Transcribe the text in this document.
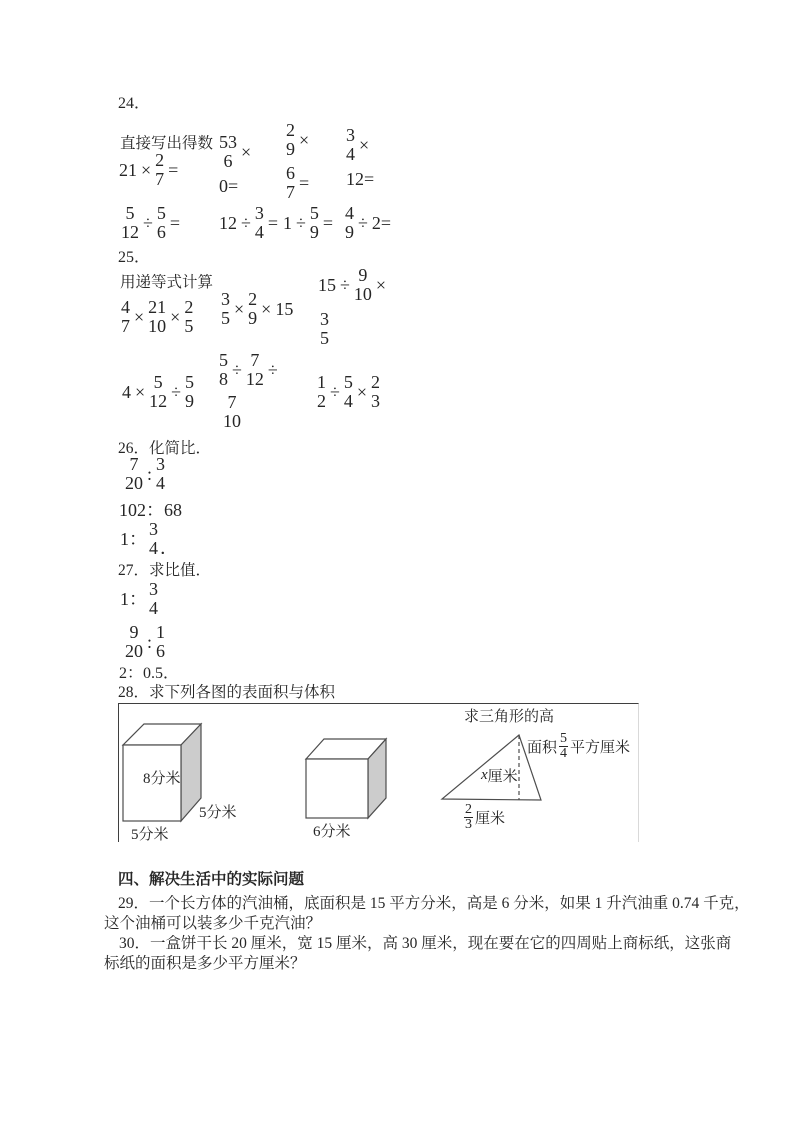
24．
直接写出得数
21 × 2
7 =
53
6 ×
0=
2
9 ×
6
7 =
3
4 ×
12=
5
12 ÷ 5
6 = 12 ÷ 3
4 = 1 ÷ 5
9 = 4
9 ÷ 2=
25．
用递等式计算	15 ÷ 9
10 ×
3
5
4
7 × 21
10 × 2
5
3
5 × 2
9 × 15
4 × 5
12 ÷ 5
9
5
8 ÷ 7
12 ÷
7
10
1
2 ÷ 5
4 × 2
3
26．化简比．
7
20 : 3
4
102：68
1： 3
4 ．
27．求比值．
1： 3
4
9
20 : 1
6
2：0.5．
28．求下列各图的表面积与体积
8分米
5分米
5分米	6分米
求三角形的高
面积 $\frac{5}{4}$ 平方厘米
x 厘米
$\frac{2}{3}$ 厘米
四、解决生活中的实际问题
29．一个长方体的汽油桶，底面积是 15 平方分米，高是 6 分米，如果 1 升汽油重 0.74 千克，
这个油桶可以装多少千克汽油？
30．一盒饼干长 20 厘米，宽 15 厘米，高 30 厘米，现在要在它的四周贴上商标纸，这张商
标纸的面积是多少平方厘米？
